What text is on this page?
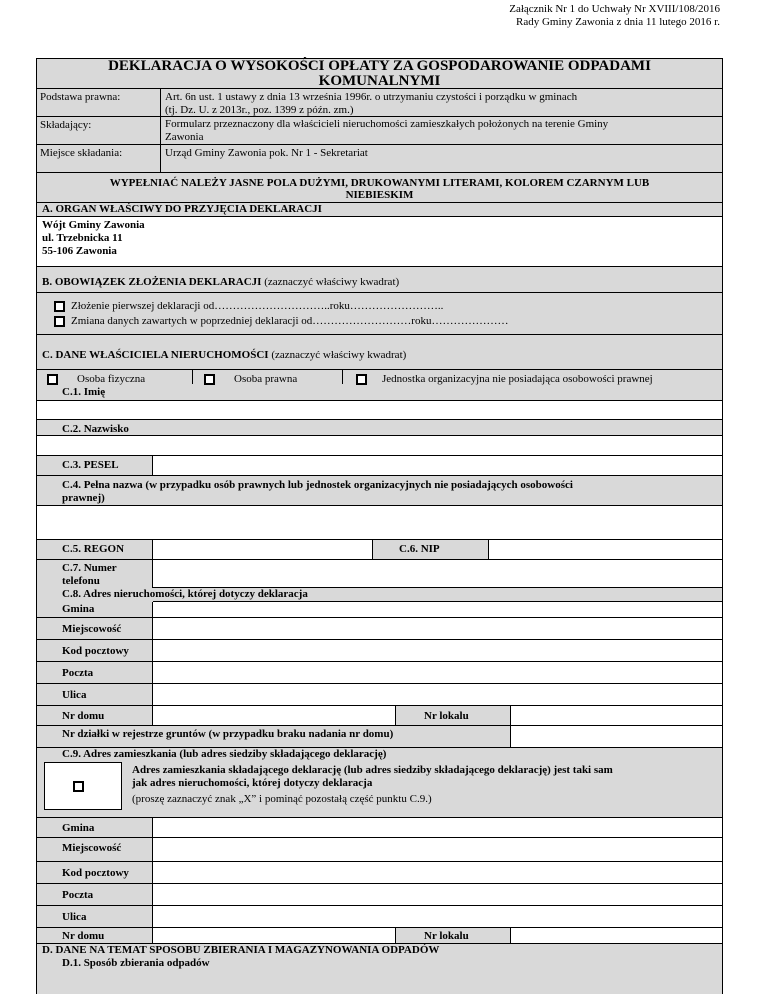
Załącznik Nr 1 do Uchwały Nr XVIII/108/2016
Rady Gminy Zawonia z dnia 11 lutego 2016 r.
DEKLARACJA O WYSOKOŚCI OPŁATY ZA GOSPODAROWANIE ODPADAMI
KOMUNALNYMI
Podstawa prawna:	Art. 6n ust. 1 ustawy z dnia 13 września 1996r. o utrzymaniu czystości i porządku w gminach
(tj. Dz. U. z 2013r., poz. 1399 z późn. zm.)
Składający:	Formularz przeznaczony dla właścicieli nieruchomości zamieszkałych położonych na terenie Gminy
Zawonia
Miejsce składania:	Urząd Gminy Zawonia pok. Nr 1 - Sekretariat
WYPEŁNIAĆ NALEŻY JASNE POLA DUŻYMI, DRUKOWANYMI LITERAMI, KOLOREM CZARNYM LUB
NIEBIESKIM
A. ORGAN WŁAŚCIWY DO PRZYJĘCIA DEKLARACJI
Wójt Gminy Zawonia
ul. Trzebnicka 11
55-106 Zawonia
B. OBOWIĄZEK ZŁOŻENIA DEKLARACJI (zaznaczyć właściwy kwadrat)
Złożenie pierwszej deklaracji od…………………………..roku……………………..
Zmiana danych zawartych w poprzedniej deklaracji od………………………roku…………………
C. DANE WŁAŚCICIELA NIERUCHOMOŚCI (zaznaczyć właściwy kwadrat)
Osoba fizyczna	Osoba prawna	Jednostka organizacyjna nie posiadająca osobowości prawnej
C.1. Imię
C.2. Nazwisko
C.3. PESEL
C.4. Pełna nazwa (w przypadku osób prawnych lub jednostek organizacyjnych nie posiadających osobowości
prawnej)
C.5. REGON	C.6. NIP
C.7. Numer
telefonu
C.8. Adres nieruchomości, której dotyczy deklaracja
Gmina
Miejscowość
Kod pocztowy
Poczta
Ulica
Nr domu	Nr lokalu
Nr działki w rejestrze gruntów (w przypadku braku nadania nr domu)
C.9. Adres zamieszkania (lub adres siedziby składającego deklarację)
Adres zamieszkania składającego deklarację (lub adres siedziby składającego deklarację) jest taki sam
jak adres nieruchomości, której dotyczy deklaracja
(proszę zaznaczyć znak „X” i pominąć pozostałą część punktu C.9.)
Gmina
Miejscowość
Kod pocztowy
Poczta
Ulica
Nr domu	Nr lokalu
D. DANE NA TEMAT SPOSOBU ZBIERANIA I MAGAZYNOWANIA ODPADÓW
D.1. Sposób zbierania odpadów
